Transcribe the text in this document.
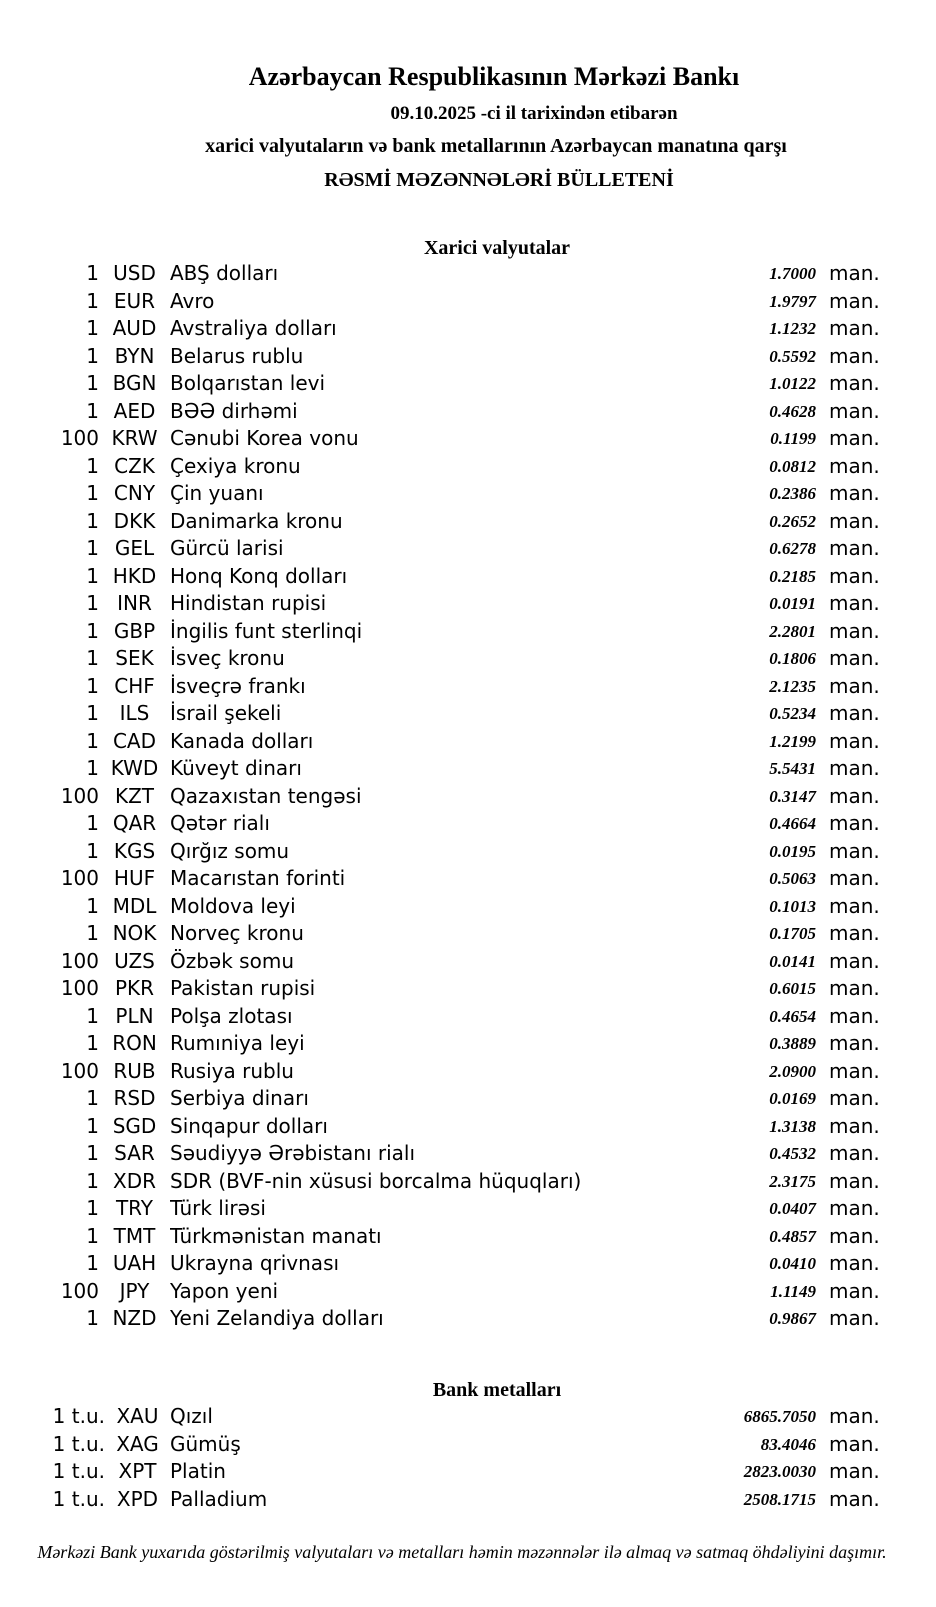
Azərbaycan Respublikasının Mərkəzi Bankı
09.10.2025 -ci il tarixindən etibarən
xarici valyutaların və bank metallarının Azərbaycan manatına qarşı
RƏSMİ MƏZƏNNƏLƏRİ BÜLLETENİ
Xarici valyutalar
1 USD ABŞ dolları	1.7000 man.
1 EUR Avro	1.9797 man.
1 AUD Avstraliya dolları	1.1232 man.
1 BYN Belarus rublu	0.5592 man.
1 BGN Bolqarıstan levi	1.0122 man.
1 AED BƏƏ dirhəmi	0.4628 man.
100 KRW Cənubi Korea vonu	0.1199 man.
1 CZK Çexiya kronu	0.0812 man.
1 CNY Çin yuanı	0.2386 man.
1 DKK Danimarka kronu	0.2652 man.
1 GEL Gürcü larisi	0.6278 man.
1 HKD Honq Konq dolları	0.2185 man.
1 INR Hindistan rupisi	0.0191 man.
1 GBP İngilis funt sterlinqi	2.2801 man.
1 SEK İsveç kronu	0.1806 man.
1 CHF İsveçrə frankı	2.1235 man.
1	ILS	İsrail şekeli	0.5234 man.
1 CAD Kanada dolları	1.2199 man.
1 KWD Küveyt dinarı	5.5431 man.
100 KZT Qazaxıstan tengəsi	0.3147 man.
1 QAR Qətər rialı	0.4664 man.
1 KGS Qırğız somu	0.0195 man.
100 HUF Macarıstan forinti	0.5063 man.
1 MDL Moldova leyi	0.1013 man.
1 NOK Norveç kronu	0.1705 man.
100 UZS Özbək somu	0.0141 man.
100 PKR Pakistan rupisi	0.6015 man.
1 PLN Polşa zlotası	0.4654 man.
1 RON Rumıniya leyi	0.3889 man.
100 RUB Rusiya rublu	2.0900 man.
1 RSD Serbiya dinarı	0.0169 man.
1 SGD Sinqapur dolları	1.3138 man.
1 SAR Səudiyyə Ərəbistanı rialı	0.4532 man.
1 XDR SDR (BVF-nin xüsusi borcalma hüquqları)	2.3175 man.
1 TRY Türk lirəsi	0.0407 man.
1 TMT Türkmənistan manatı	0.4857 man.
1 UAH Ukrayna qrivnası	0.0410 man.
100	JPY	Yapon yeni	1.1149 man.
1 NZD Yeni Zelandiya dolları	0.9867 man.
Bank metalları
1 t.u. XAU Qızıl	6865.7050 man.
1 t.u. XAG Gümüş	83.4046 man.
1 t.u. XPT Platin	2823.0030 man.
1 t.u. XPD Palladium	2508.1715 man.
Mərkəzi Bank yuxarıda göstərilmiş valyutaları və metalları həmin məzənnələr ilə almaq və satmaq öhdəliyini daşımır.
